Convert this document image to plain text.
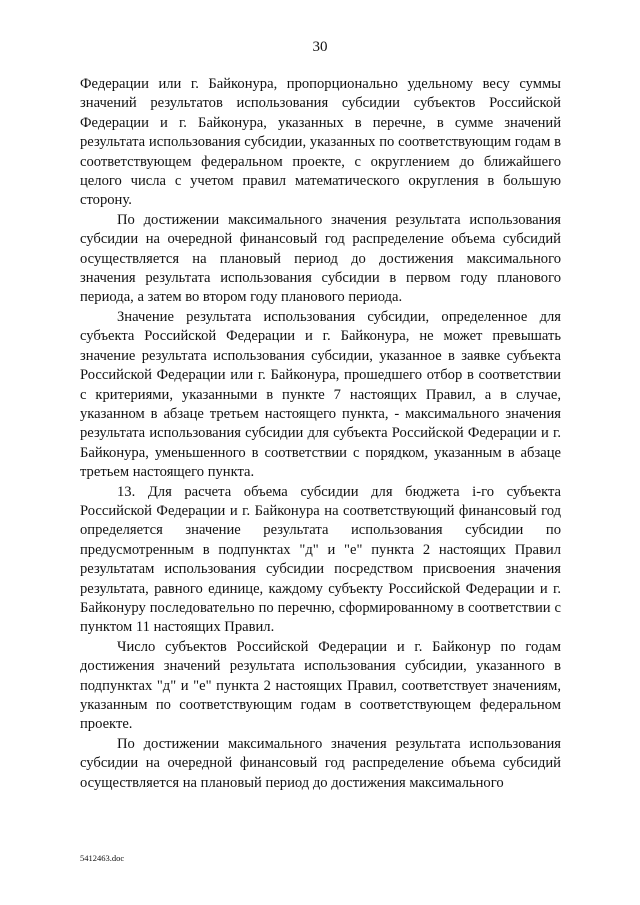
30

Федерации или г. Байконура, пропорционально удельному весу суммы значений результатов использования субсидии субъектов Российской Федерации и г. Байконура, указанных в перечне, в сумме значений результата использования субсидии, указанных по соответствующим годам в соответствующем федеральном проекте, с округлением до ближайшего целого числа с учетом правил математического округления в большую сторону.

По достижении максимального значения результата использования субсидии на очередной финансовый год распределение объема субсидий осуществляется на плановый период до достижения максимального значения результата использования субсидии в первом году планового периода, а затем во втором году планового периода.

Значение результата использования субсидии, определенное для субъекта Российской Федерации и г. Байконура, не может превышать значение результата использования субсидии, указанное в заявке субъекта Российской Федерации или г. Байконура, прошедшего отбор в соответствии с критериями, указанными в пункте 7 настоящих Правил, а в случае, указанном в абзаце третьем настоящего пункта, - максимального значения результата использования субсидии для субъекта Российской Федерации и г. Байконура, уменьшенного в соответствии с порядком, указанным в абзаце третьем настоящего пункта.

13. Для расчета объема субсидии для бюджета i-го субъекта Российской Федерации и г. Байконура на соответствующий финансовый год определяется значение результата использования субсидии по предусмотренным в подпунктах "д" и "е" пункта 2 настоящих Правил результатам использования субсидии посредством присвоения значения результата, равного единице, каждому субъекту Российской Федерации и г. Байконуру последовательно по перечню, сформированному в соответствии с пунктом 11 настоящих Правил.

Число субъектов Российской Федерации и г. Байконур по годам достижения значений результата использования субсидии, указанного в подпунктах "д" и "е" пункта 2 настоящих Правил, соответствует значениям, указанным по соответствующим годам в соответствующем федеральном проекте.

По достижении максимального значения результата использования субсидии на очередной финансовый год распределение объема субсидий осуществляется на плановый период до достижения максимального

5412463.doc
